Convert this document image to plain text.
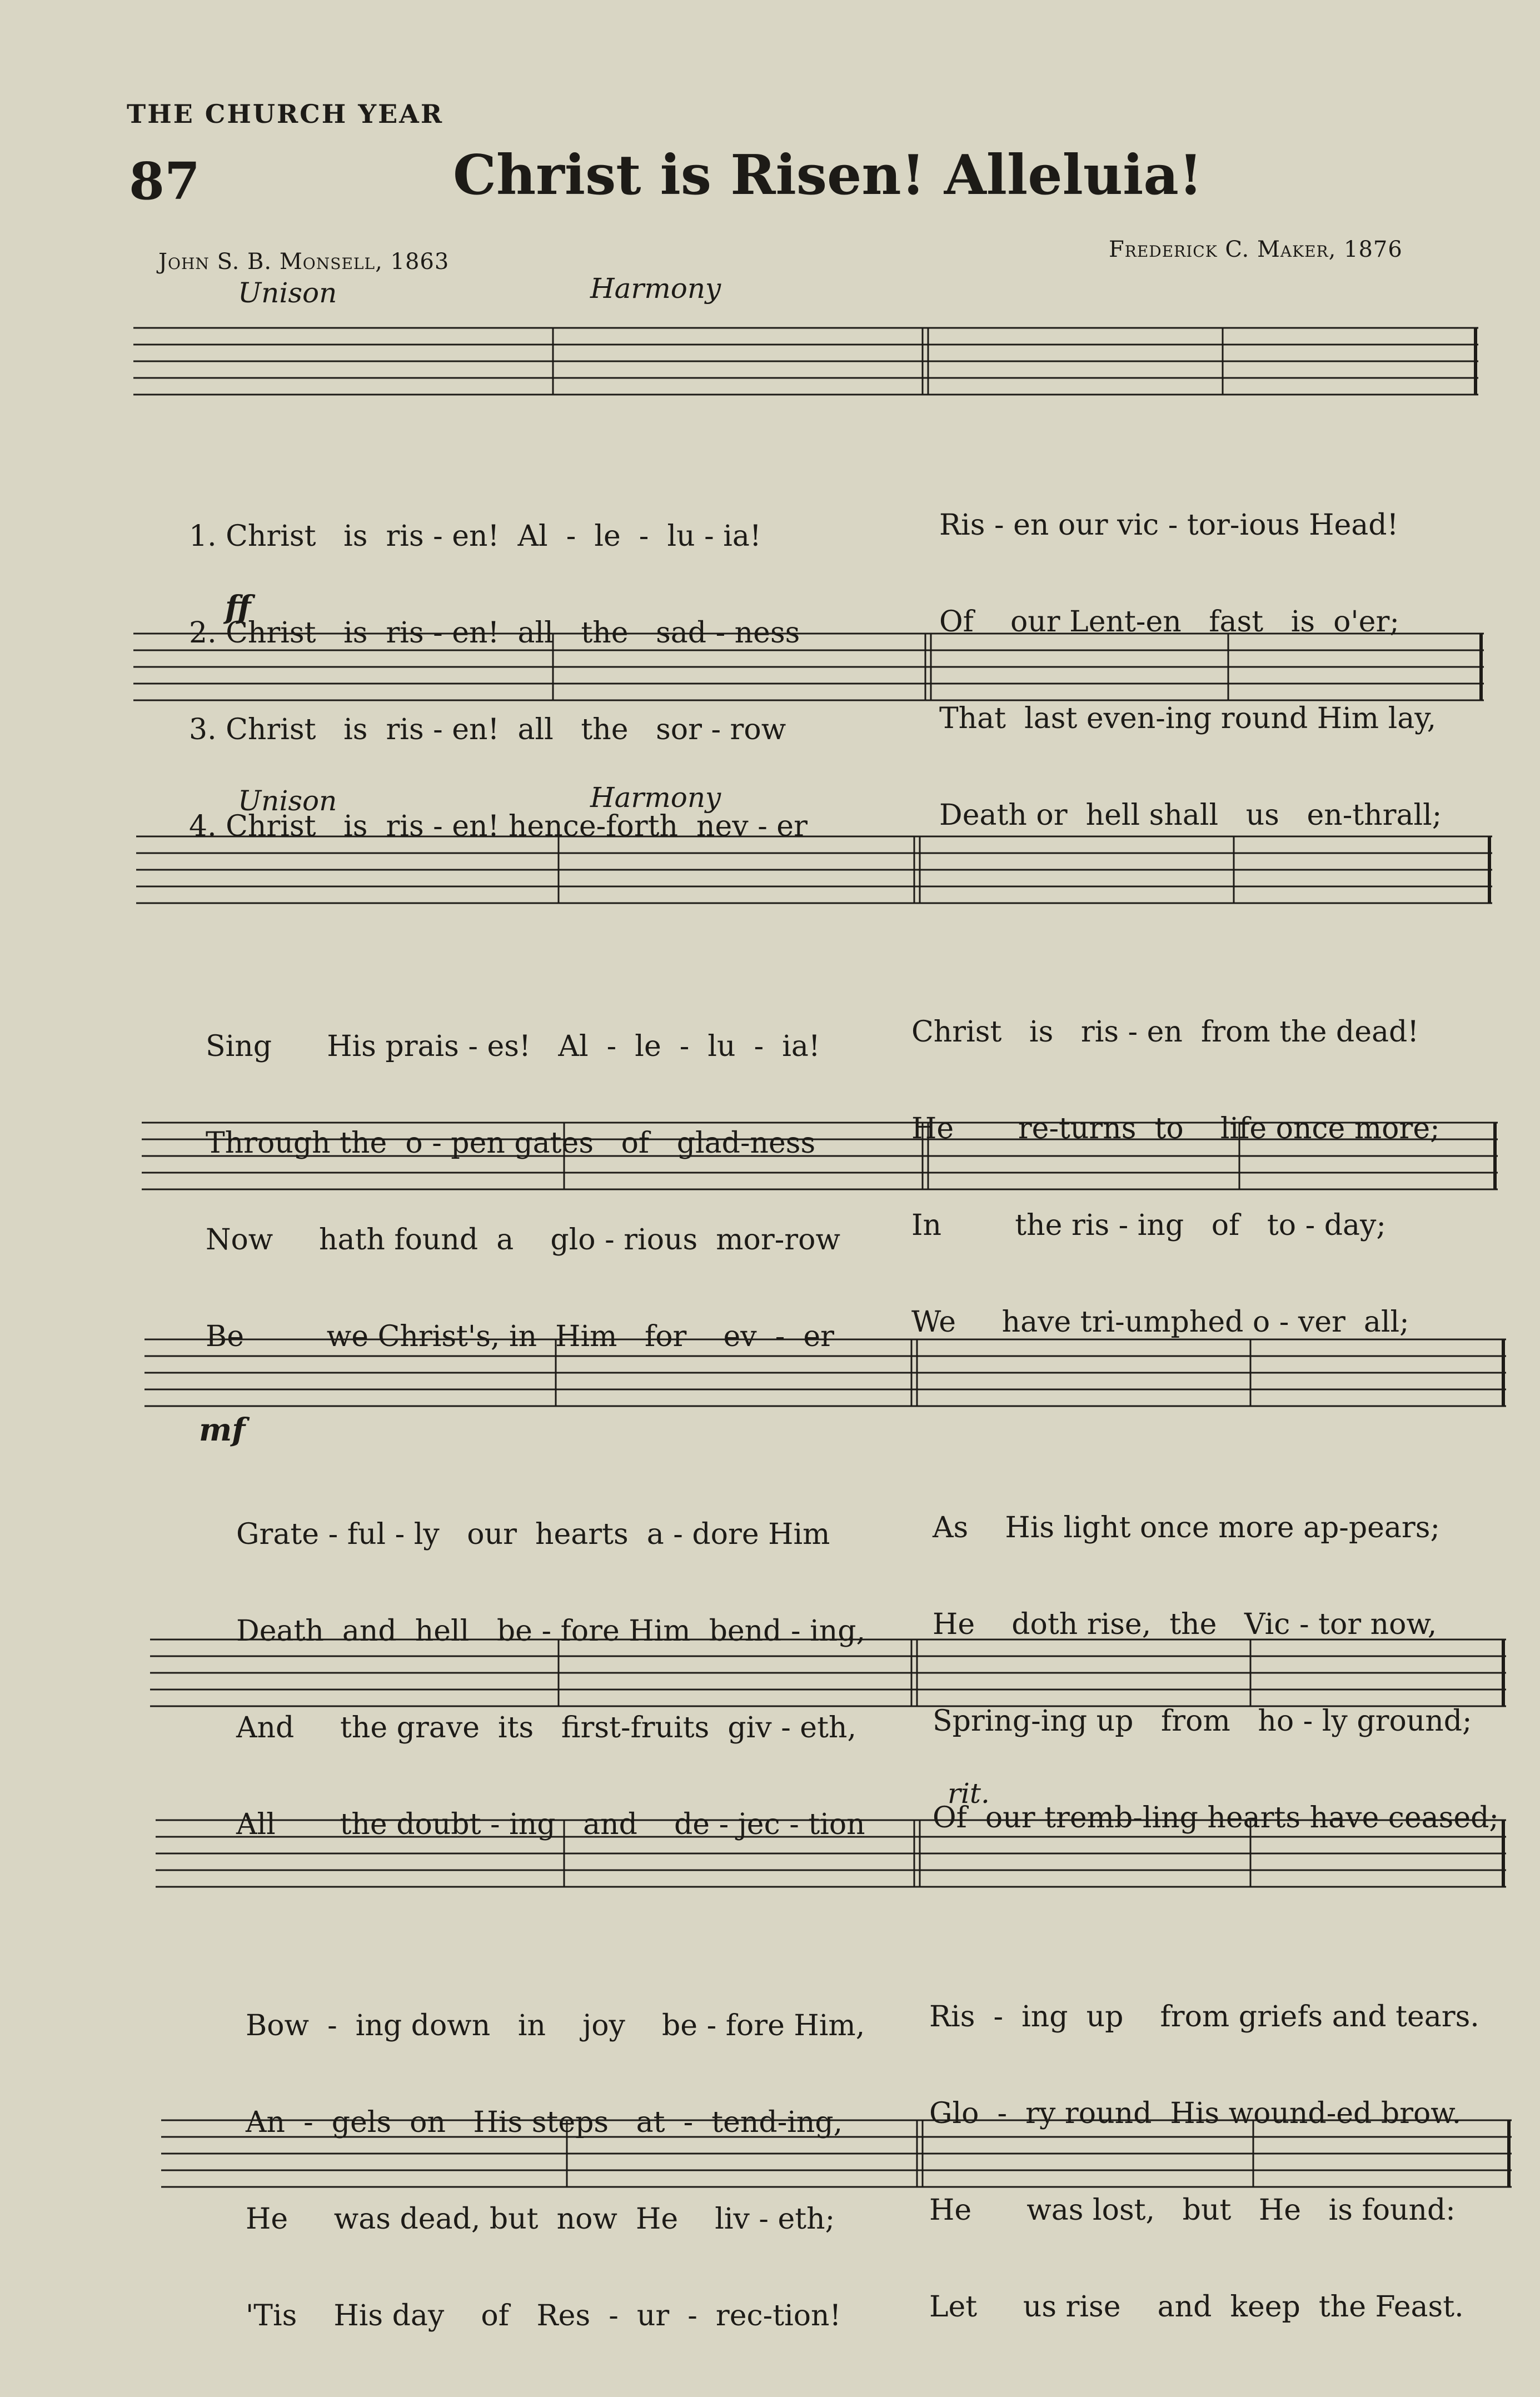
THE CHURCH YEAR
87	Christ is Risen! Alleluia!
John S. B. Monsell, 1863	Frederick C. Maker, 1876
Unison	Harmony

1. Christ   is  ris - en!  Al  -  le  -  lu - ia!

2. Christ   is  ris - en!  all   the   sad - ness

3. Christ   is  ris - en!  all   the   sor - row

4. Christ   is  ris - en! hence-forth  nev - er

Ris - en our vic - tor-ious Head!

Of    our Lent-en   fast   is  o'er;

That  last even-ing round Him lay,

Death or  hell shall   us   en-thrall;

ff
Unison	Harmony

Sing      His prais - es!   Al  -  le  -  lu  -  ia!

Through the  o - pen gates   of   glad-ness

Now     hath found  a    glo - rious  mor-row

Be         we Christ's, in  Him   for    ev  -  er

Christ   is   ris - en  from the dead!

He       re-turns  to    life once more;

In        the ris - ing   of   to - day;

We     have tri-umphed o - ver  all;

mf

Grate - ful - ly   our  hearts  a - dore Him

Death  and  hell   be - fore Him  bend - ing,

And     the grave  its   first-fruits  giv - eth,

All       the doubt - ing   and    de - jec - tion

As    His light once more ap-pears;

He    doth rise,  the   Vic - tor now,

Spring-ing up   from   ho - ly ground;

Of  our tremb-ling hearts have ceased;

rit.

Bow  -  ing down   in    joy    be - fore Him,

An  -  gels  on   His steps   at  -  tend-ing,

He     was dead, but  now  He    liv - eth;

'Tis    His day    of   Res  -  ur  -  rec-tion!

Ris  -  ing  up    from griefs and tears.

Glo  -  ry round  His wound-ed brow.

He      was lost,   but   He   is found:

Let     us rise    and  keep  the Feast.
